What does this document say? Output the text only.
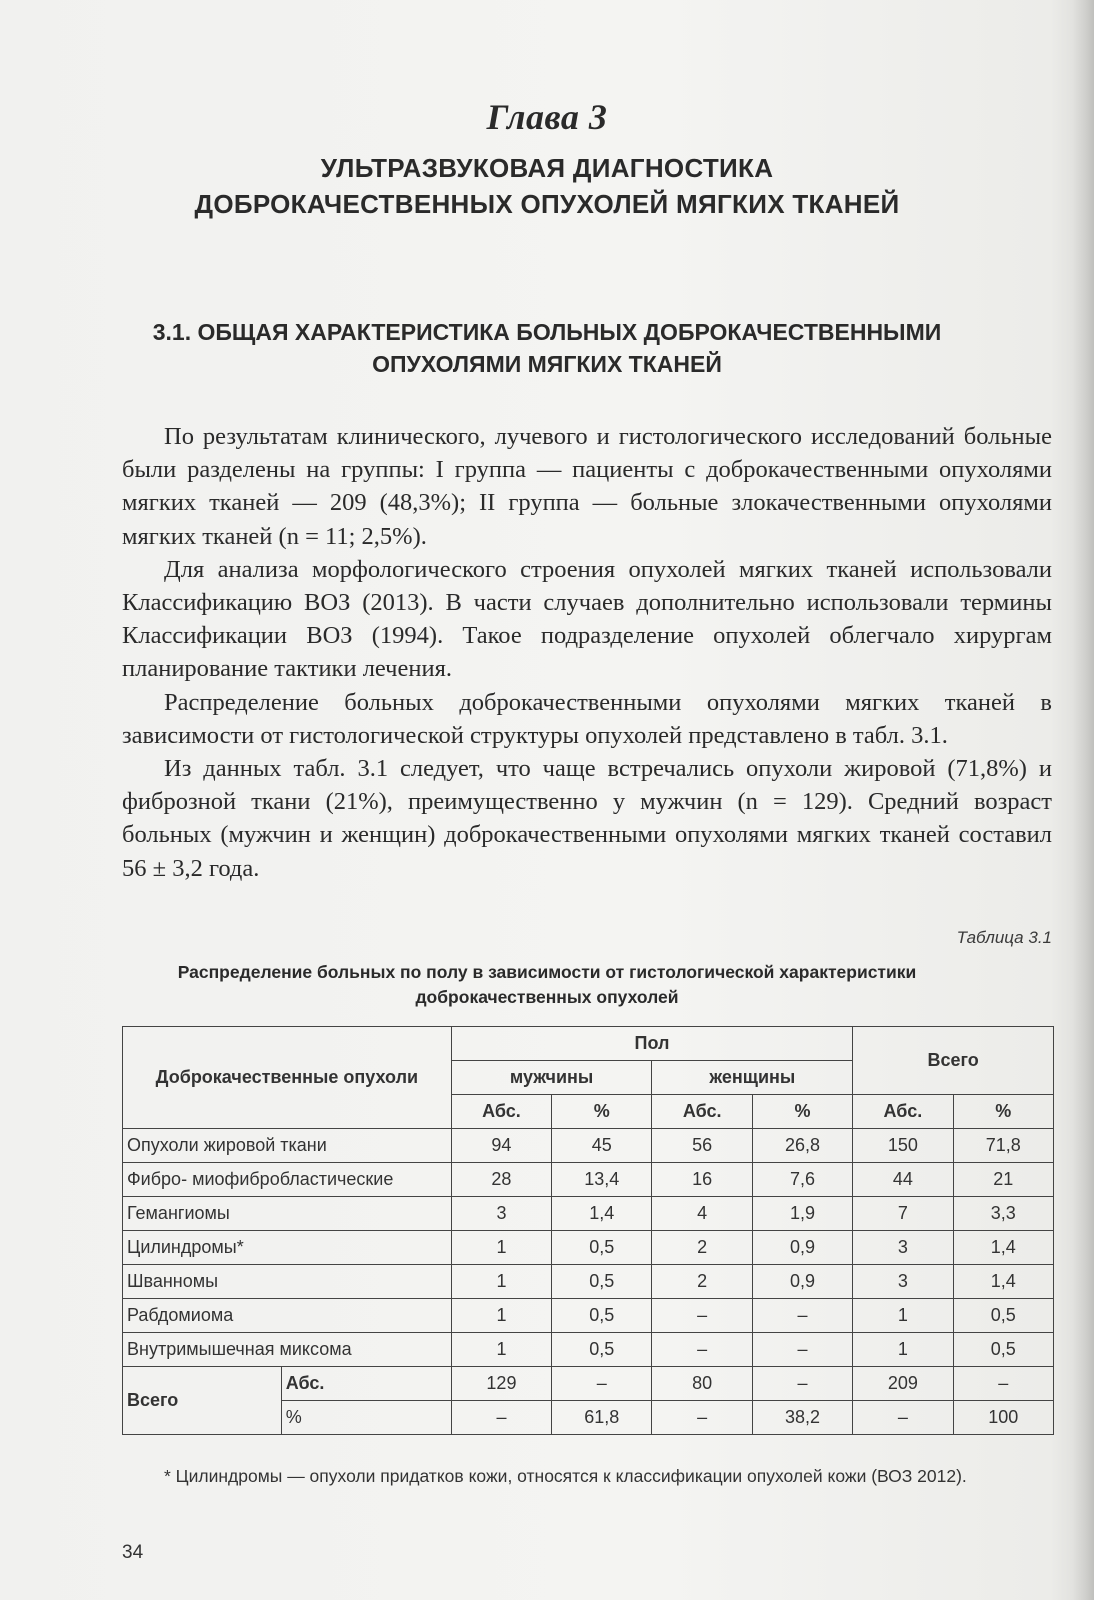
Глава 3
УЛЬТРАЗВУКОВАЯ ДИАГНОСТИКА
ДОБРОКАЧЕСТВЕННЫХ ОПУХОЛЕЙ МЯГКИХ ТКАНЕЙ
3.1. ОБЩАЯ ХАРАКТЕРИСТИКА БОЛЬНЫХ ДОБРОКАЧЕСТВЕННЫМИ
ОПУХОЛЯМИ МЯГКИХ ТКАНЕЙ

По результатам клинического, лучевого и гистологического исследований больные были разделены на группы: I группа — пациенты с доброкачественными опухолями мягких тканей — 209 (48,3%); II группа — больные злокачественными опухолями мягких тканей (n = 11; 2,5%).

Для анализа морфологического строения опухолей мягких тканей использовали Классификацию ВОЗ (2013). В части случаев дополнительно использовали термины Классификации ВОЗ (1994). Такое подразделение опухолей облегчало хирургам планирование тактики лечения.

Распределение больных доброкачественными опухолями мягких тканей в зависимости от гистологической структуры опухолей представлено в табл. 3.1.

Из данных табл. 3.1 следует, что чаще встречались опухоли жировой (71,8%) и фиброзной ткани (21%), преимущественно у мужчин (n = 129). Средний возраст больных (мужчин и женщин) доброкачественными опухолями мягких тканей составил 56 ± 3,2 года.

Таблица 3.1
Распределение больных по полу в зависимости от гистологической характеристики
доброкачественных опухолей
Доброкачественные опухоли		Пол				Всего	
		мужчины		женщины			
		Абс.	%	Абс.	%	Абс.	%
Опухоли жировой ткани		94	45	56	26,8	150	71,8
Фибро- миофибробластические		28	13,4	16	7,6	44	21
Гемангиомы		3	1,4	4	1,9	7	3,3
Цилиндромы*		1	0,5	2	0,9	3	1,4
Шванномы		1	0,5	2	0,9	3	1,4
Рабдомиома		1	0,5	–	–	1	0,5
Внутримышечная миксома		1	0,5	–	–	1	0,5
Всего	Абс.	129	–	80	–	209	–
	%	–	61,8	–	38,2	–	100
* Цилиндромы — опухоли придатков кожи, относятся к классификации опухолей кожи (ВОЗ 2012).
34
